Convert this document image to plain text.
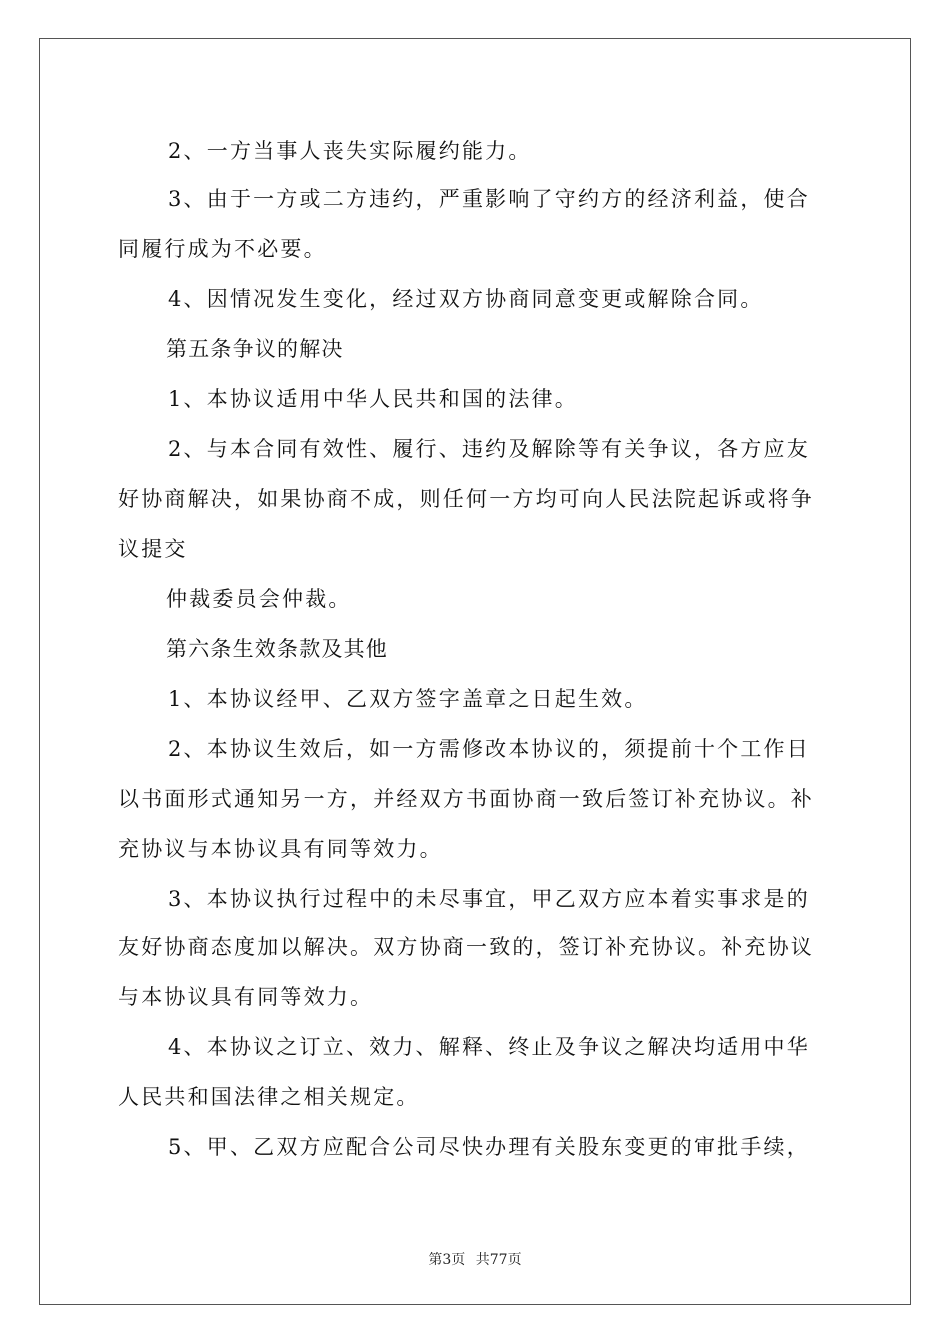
2、一方当事人丧失实际履约能力。

3、由于一方或二方违约，严重影响了守约方的经济利益，使合

同履行成为不必要。

4、因情况发生变化，经过双方协商同意变更或解除合同。

第五条争议的解决

1、本协议适用中华人民共和国的法律。

2、与本合同有效性、履行、违约及解除等有关争议，各方应友

好协商解决，如果协商不成，则任何一方均可向人民法院起诉或将争

议提交

仲裁委员会仲裁。

第六条生效条款及其他

1、本协议经甲、乙双方签字盖章之日起生效。

2、本协议生效后，如一方需修改本协议的，须提前十个工作日

以书面形式通知另一方，并经双方书面协商一致后签订补充协议。补

充协议与本协议具有同等效力。

3、本协议执行过程中的未尽事宜，甲乙双方应本着实事求是的

友好协商态度加以解决。双方协商一致的，签订补充协议。补充协议

与本协议具有同等效力。

4、本协议之订立、效力、解释、终止及争议之解决均适用中华

人民共和国法律之相关规定。

5、甲、乙双方应配合公司尽快办理有关股东变更的审批手续，

第3页 共77页
